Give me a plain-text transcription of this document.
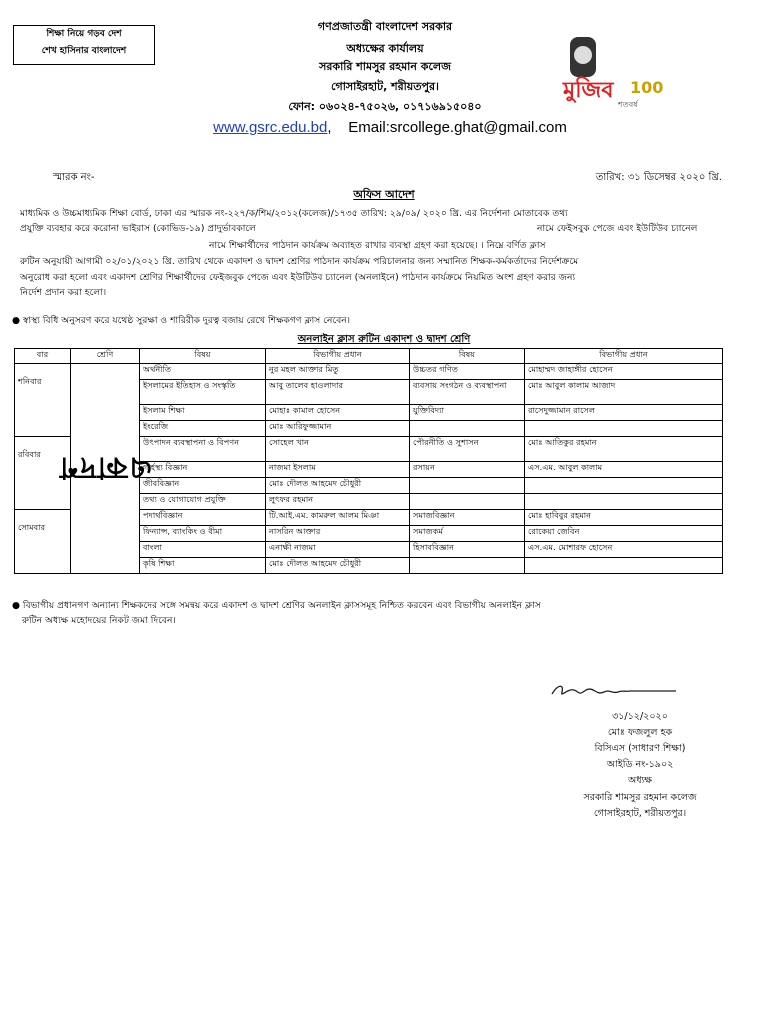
শিক্ষা নিয়ে গড়ব দেশ
শেখ হাসিনার বাংলাদেশ
মুজিব
শতবর্ষ
100
গণপ্রজাতন্ত্রী বাংলাদেশ সরকার
অধ্যক্ষের কার্যালয়
সরকারি শামসুর রহমান কলেজ
গোসাইরহাট, শরীয়তপুর।
ফোন: ০৬০২৪-৭৫০২৬, ০১৭১৬৯১৫০৪০
www.gsrc.edu.bd,    Email:srcollege.ghat@gmail.com
স্মারক নং-	তারিখ: ৩১ ডিসেম্বর ২০২০ খ্রি.
অফিস আদেশ
মাধ্যমিক ও উচ্চমাধ্যমিক শিক্ষা বোর্ড, ঢাকা এর স্মারক নং-২২৭/ক/শিম/২০১২(কলেজ)/১৭৩৫ তারিখ: ২৯/০৯/ ২০২০ খ্রি. এর নির্দেশনা মোতাবেক তথ্য
প্রযুক্তি ব্যবহার করে করোনা ভাইরাস (কোভিড-১৯) প্রাদুর্ভাবকালে	নামে ফেইসবুক পেজে এবং ইউটিউব চ্যানেল
নামে শিক্ষার্থীদের পাঠদান কার্যক্রম অব্যাহত রাখার ব্যবস্থা গ্রহণ করা হয়েছে। । নিম্নে বর্ণিত ক্লাস
রুটিন অনুযায়ী আগামী ০২/০১/২০২১ খ্রি. তারিখ থেকে একাদশ ও দ্বাদশ শ্রেণির পাঠদান কার্যক্রম পরিচালনার জন্য সম্মানিত শিক্ষক-কর্মকর্তাদের নির্দেশক্রমে
অনুরোধ করা হলো এবং একাদশ শ্রেণির শিক্ষার্থীদের ফেইজবুক পেজে এবং ইউটিউব চ্যানেল (অনলাইনে) পাঠদান কার্যক্রমে নিয়মিত অংশ গ্রহণ করার জন্য
নির্দেশ প্রদান করা হলো।
● স্বাস্থ্য বিধি অনুসরণ করে যথেষ্ঠ সুরক্ষা ও শারিরীক দুরত্ব বজায় রেখে শিক্ষকগণ ক্লাস নেবেন।
অনলাইন ক্লাস রুটিন একাদশ ও দ্বাদশ শ্রেণি
বার	শ্রেণি	বিষয়	বিভাগীয় প্রধান	বিষয়	বিভাগীয় প্রধান
শনিবার	একাদশ	অর্থনীতি	নুর মহল আক্তার মিতু	উচ্চতর গণিত	মোহাম্মদ জাহাঙ্গীর হোসেন
		ইসলামের ইতিহাস ও সংস্কৃতি	আবু তালেব হাওলাদার	ব্যবসায় সংগঠন ও ব্যবস্থাপনা	মোঃ আবুল কালাম আজাদ
		ইসলাম শিক্ষা	মোহাঃ কামাল হোসেন	যুক্তিবিদ্যা	রাসেদুজ্জামান রাসেল
		ইংরেজি	মোঃ আরিফুজ্জামান		
রবিবার		উৎপাদন ব্যবস্থাপনা ও বিপণন	সোহেল খান	পৌরনীতি ও সুশাসন	মোঃ আতিকুর রহমান
		গার্হস্থ্য বিজ্ঞান	নাজমা ইসলাম	রসায়ন	এস.এম. আবুল কালাম
		জীববিজ্ঞান	মোঃ দৌলত আহমেদ চৌধুরী		
		তথ্য ও যোগাযোগ প্রযুক্তি	লুৎফর রহমান		
সোমবার		পদার্থবিজ্ঞান	টি.আই.এম. কামরুল আলম মিঞা	সমাজবিজ্ঞান	মোঃ হাবিবুর রহমান
		ফিন্যান্স, ব্যাংকিং ও বীমা	নাসরিন আক্তার	সমাজকর্ম	রোকেয়া জেবিন
		বাংলা	এনাক্ষী নাজমা	হিসাববিজ্ঞান	এস.এম. মোশারফ হোসেন
		কৃষি শিক্ষা	মোঃ দৌলত আহমেদ চৌধুরী		
● বিভাগীয় প্রধানগণ অন্যান্য শিক্ষকদের সঙ্গে সমন্বয় করে একাদশ ও দ্বাদশ শ্রেণির অনলাইন ক্লাসসমূহ নিশ্চিত করবেন এবং বিভাগীয় অনলাইন ক্লাস
রুটিন অধ্যক্ষ মহোদয়ের নিকট জমা দিবেন।
৩১/১২/২০২০
মোঃ ফজলুল হক
বিসিএস (সাধারণ শিক্ষা)
আইডি নং-১৯০২
অধ্যক্ষ
সরকারি শামসুর রহমান কলেজ
গোসাইরহাট, শরীয়তপুর।
